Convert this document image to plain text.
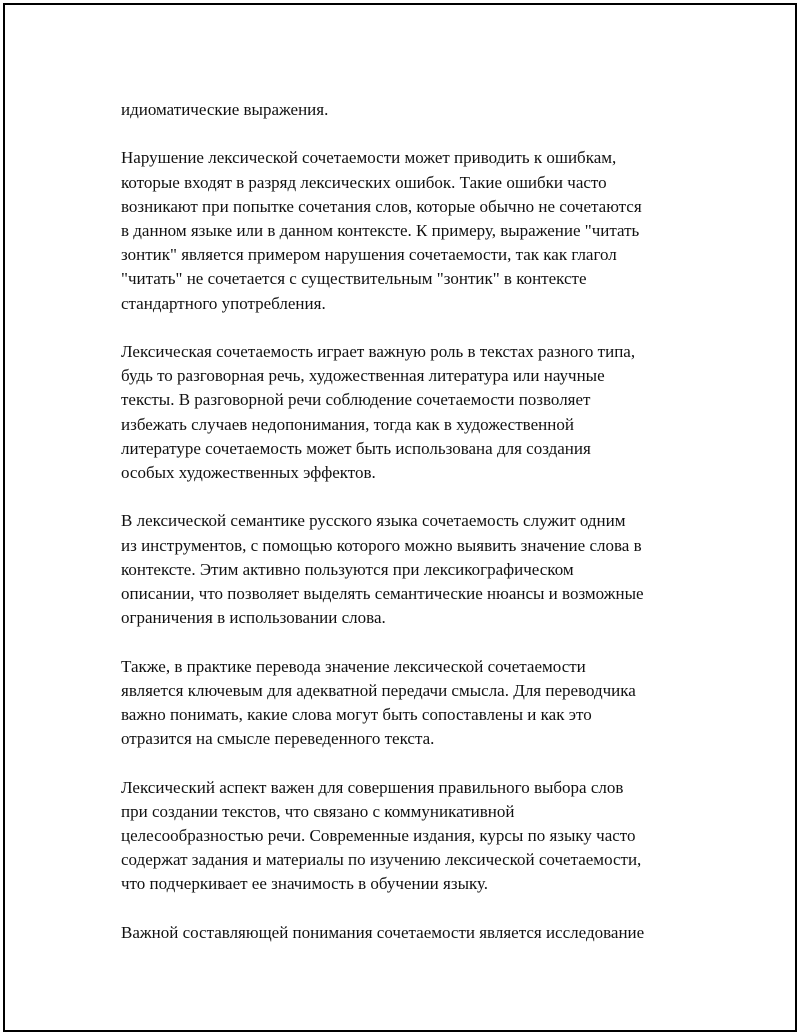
идиоматические выражения.

Нарушение лексической сочетаемости может приводить к ошибкам,
которые входят в разряд лексических ошибок. Такие ошибки часто
возникают при попытке сочетания слов, которые обычно не сочетаются
в данном языке или в данном контексте. К примеру, выражение "читать
зонтик" является примером нарушения сочетаемости, так как глагол
"читать" не сочетается с существительным "зонтик" в контексте
стандартного употребления.

Лексическая сочетаемость играет важную роль в текстах разного типа,
будь то разговорная речь, художественная литература или научные
тексты. В разговорной речи соблюдение сочетаемости позволяет
избежать случаев недопонимания, тогда как в художественной
литературе сочетаемость может быть использована для создания
особых художественных эффектов.

В лексической семантике русского языка сочетаемость служит одним
из инструментов, с помощью которого можно выявить значение слова в
контексте. Этим активно пользуются при лексикографическом
описании, что позволяет выделять семантические нюансы и возможные
ограничения в использовании слова.

Также, в практике перевода значение лексической сочетаемости
является ключевым для адекватной передачи смысла. Для переводчика
важно понимать, какие слова могут быть сопоставлены и как это
отразится на смысле переведенного текста.

Лексический аспект важен для совершения правильного выбора слов
при создании текстов, что связано с коммуникативной
целесообразностью речи. Современные издания, курсы по языку часто
содержат задания и материалы по изучению лексической сочетаемости,
что подчеркивает ее значимость в обучении языку.

Важной составляющей понимания сочетаемости является исследование
